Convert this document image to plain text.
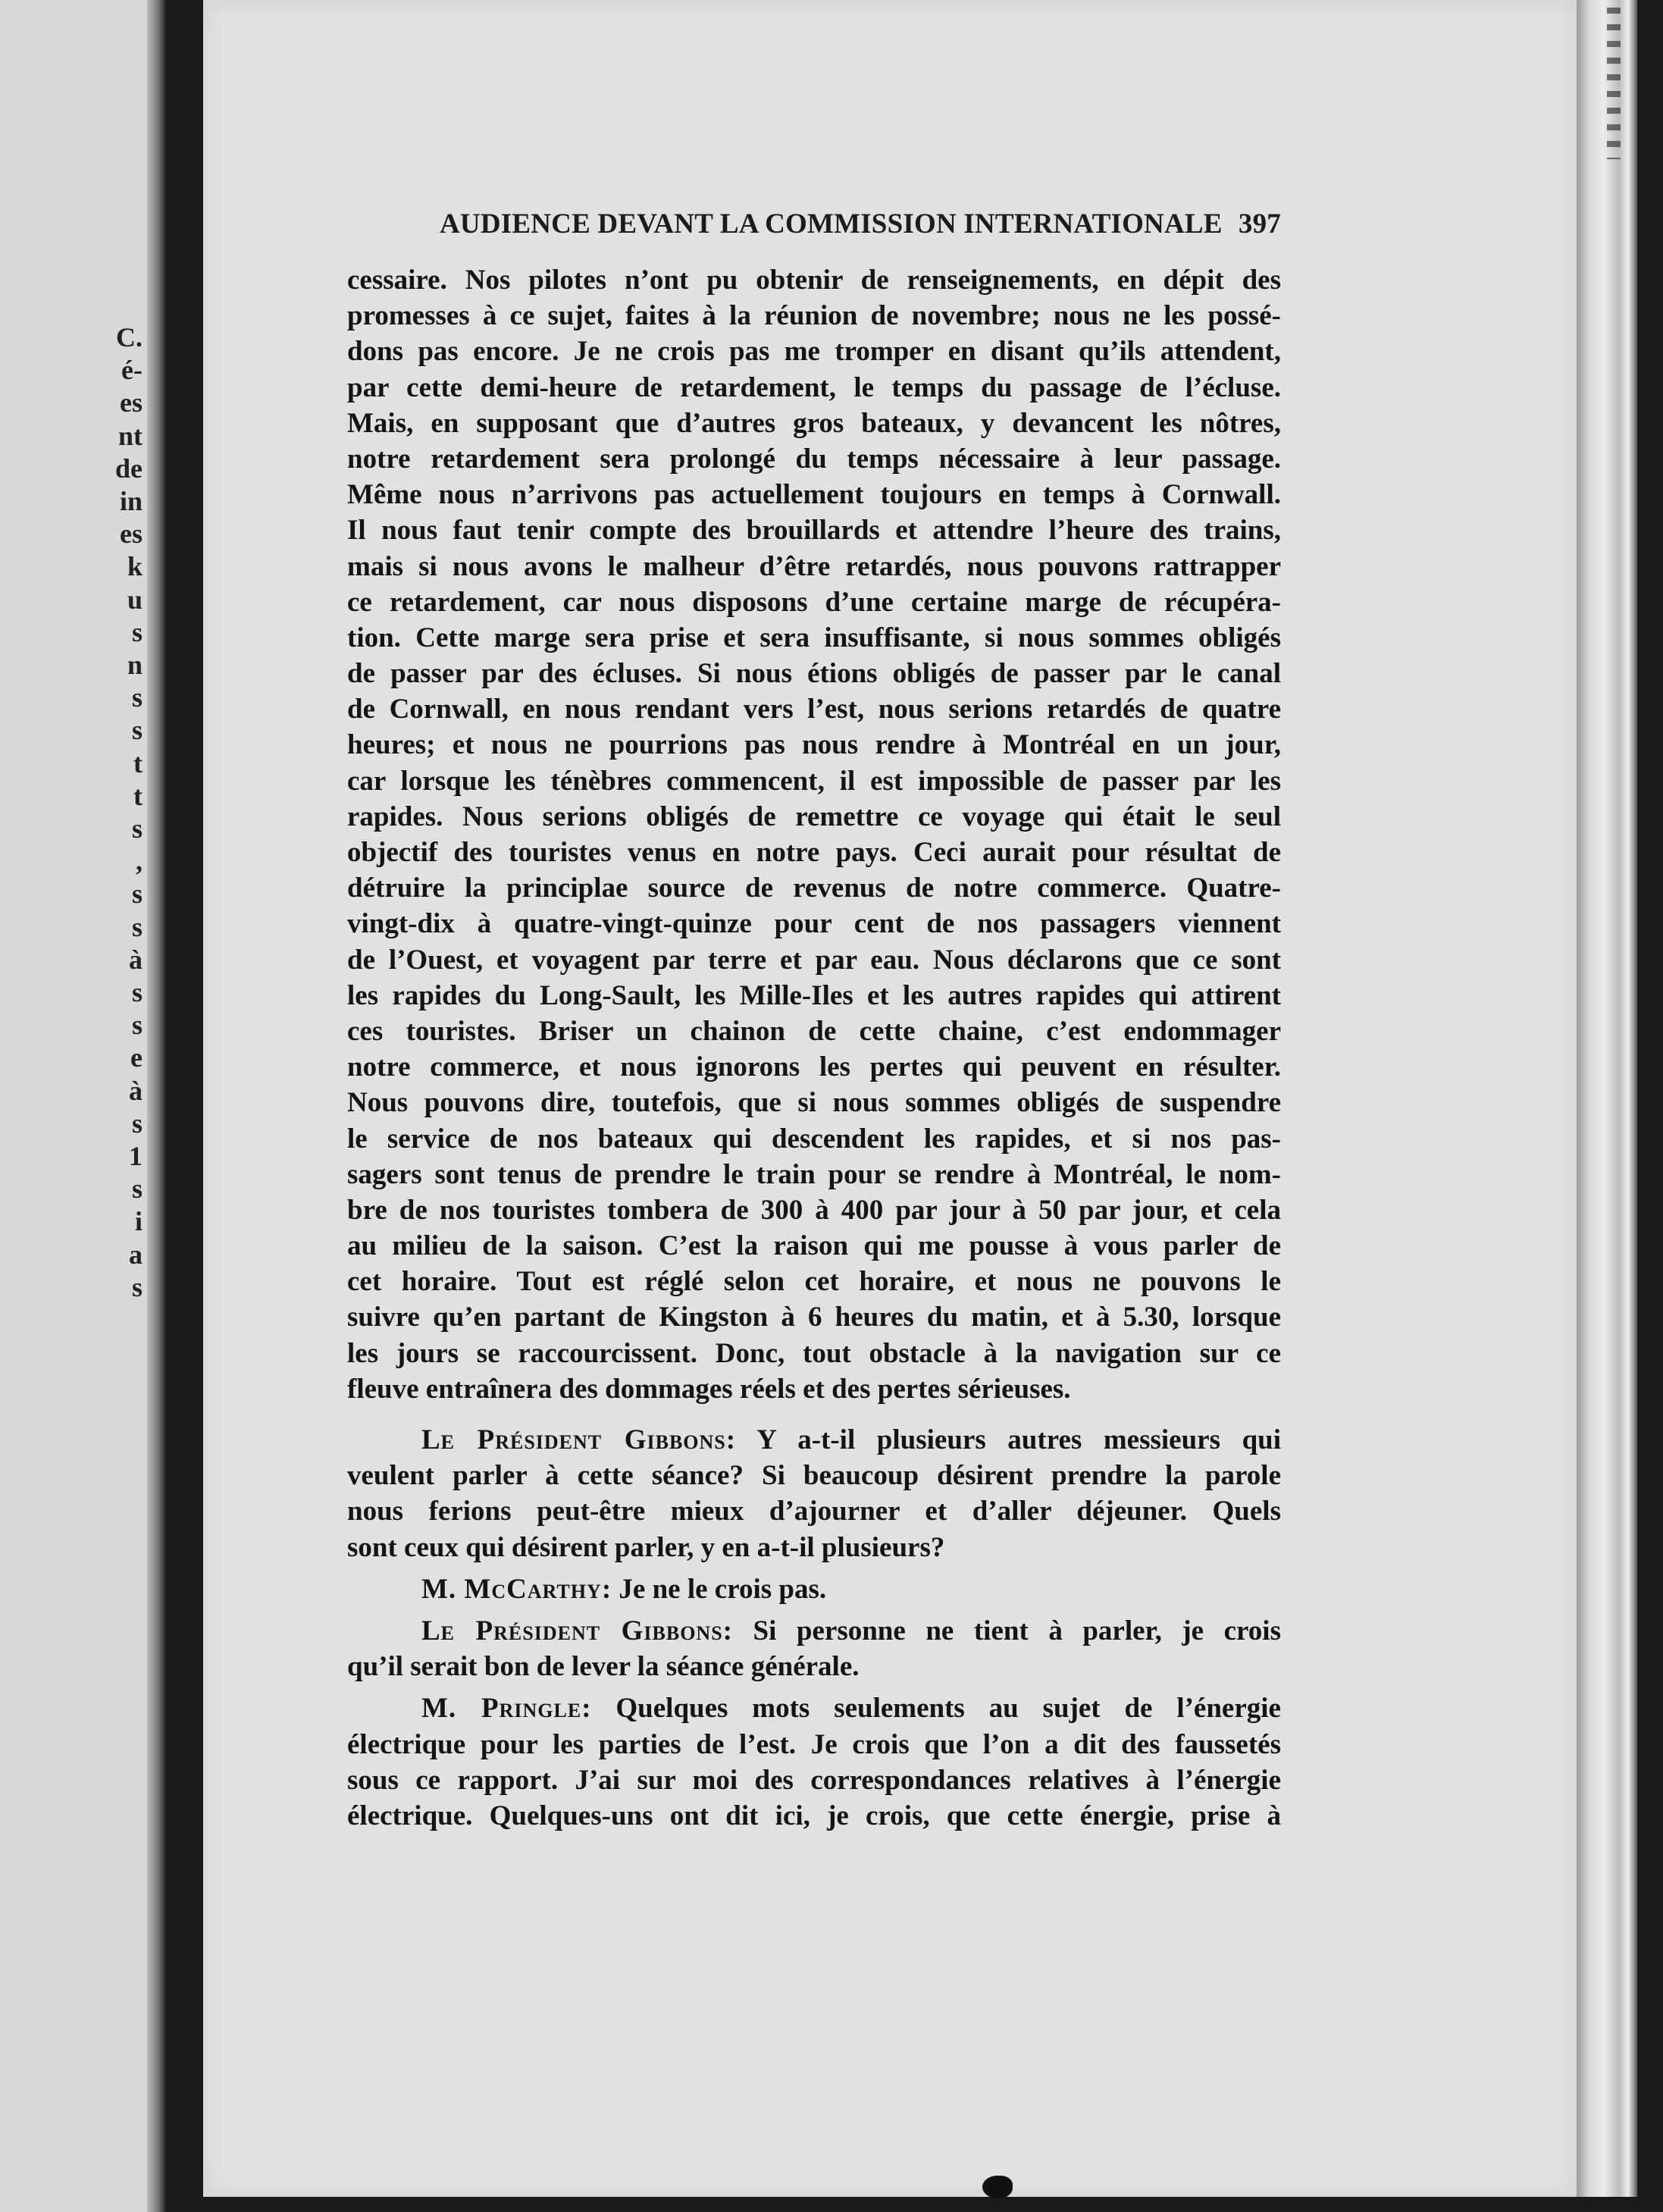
C.
é-
es
nt
de
in
es
k
u
s
n
s
s
t
t
s
,
s
s
à
s
s
e
à
s
1
s
i
a
s
AUDIENCE DEVANT LA COMMISSION INTERNATIONALE 397
cessaire. Nos pilotes n’ont pu obtenir de renseignements, en dépit des
promesses à ce sujet, faites à la réunion de novembre; nous ne les possé-
dons pas encore. Je ne crois pas me tromper en disant qu’ils attendent,
par cette demi-heure de retardement, le temps du passage de l’écluse.
Mais, en supposant que d’autres gros bateaux, y devancent les nôtres,
notre retardement sera prolongé du temps nécessaire à leur passage.
Même nous n’arrivons pas actuellement toujours en temps à Cornwall.
Il nous faut tenir compte des brouillards et attendre l’heure des trains,
mais si nous avons le malheur d’être retardés, nous pouvons rattrapper
ce retardement, car nous disposons d’une certaine marge de récupéra-
tion. Cette marge sera prise et sera insuffisante, si nous sommes obligés
de passer par des écluses. Si nous étions obligés de passer par le canal
de Cornwall, en nous rendant vers l’est, nous serions retardés de quatre
heures; et nous ne pourrions pas nous rendre à Montréal en un jour,
car lorsque les ténèbres commencent, il est impossible de passer par les
rapides. Nous serions obligés de remettre ce voyage qui était le seul
objectif des touristes venus en notre pays. Ceci aurait pour résultat de
détruire la principlae source de revenus de notre commerce. Quatre-
vingt-dix à quatre-vingt-quinze pour cent de nos passagers viennent
de l’Ouest, et voyagent par terre et par eau. Nous déclarons que ce sont
les rapides du Long-Sault, les Mille-Iles et les autres rapides qui attirent
ces touristes. Briser un chainon de cette chaine, c’est endommager
notre commerce, et nous ignorons les pertes qui peuvent en résulter.
Nous pouvons dire, toutefois, que si nous sommes obligés de suspendre
le service de nos bateaux qui descendent les rapides, et si nos pas-
sagers sont tenus de prendre le train pour se rendre à Montréal, le nom-
bre de nos touristes tombera de 300 à 400 par jour à 50 par jour, et cela
au milieu de la saison. C’est la raison qui me pousse à vous parler de
cet horaire. Tout est réglé selon cet horaire, et nous ne pouvons le
suivre qu’en partant de Kingston à 6 heures du matin, et à 5.30, lorsque
les jours se raccourcissent. Donc, tout obstacle à la navigation sur ce
fleuve entraînera des dommages réels et des pertes sérieuses.
Le Président Gibbons: Y a-t-il plusieurs autres messieurs qui
veulent parler à cette séance? Si beaucoup désirent prendre la parole
nous ferions peut-être mieux d’ajourner et d’aller déjeuner. Quels
sont ceux qui désirent parler, y en a-t-il plusieurs?
M. McCarthy: Je ne le crois pas.
Le Président Gibbons: Si personne ne tient à parler, je crois
qu’il serait bon de lever la séance générale.
M. Pringle: Quelques mots seulements au sujet de l’énergie
électrique pour les parties de l’est. Je crois que l’on a dit des faussetés
sous ce rapport. J’ai sur moi des correspondances relatives à l’énergie
électrique. Quelques-uns ont dit ici, je crois, que cette énergie, prise à
